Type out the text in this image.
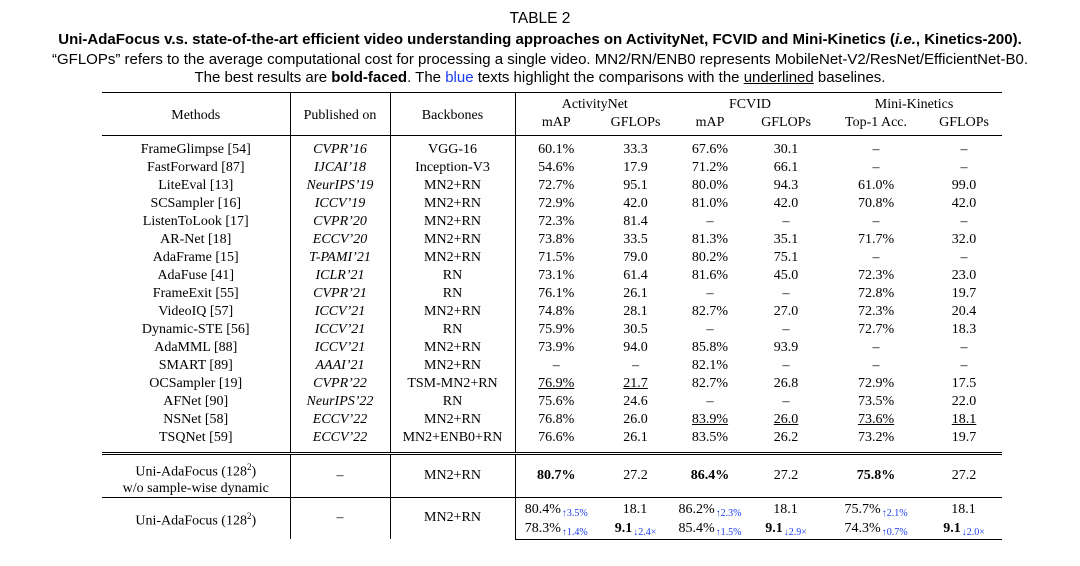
TABLE 2
Uni-AdaFocus v.s. state-of-the-art efficient video understanding approaches on ActivityNet, FCVID and Mini-Kinetics (i.e., Kinetics-200).
“GFLOPs” refers to the average computational cost for processing a single video. MN2/RN/ENB0 represents MobileNet-V2/ResNet/EfficientNet-B0.
The best results are bold-faced. The blue texts highlight the comparisons with the underlined baselines.
Methods	Published on	Backbones	ActivityNet		FCVID		Mini-Kinetics	
			mAP	GFLOPs	mAP	GFLOPs	Top-1 Acc.	GFLOPs
FrameGlimpse [54]	CVPR’16	VGG-16	60.1%	33.3	67.6%	30.1	–	–
FastForward [87]	IJCAI’18	Inception-V3	54.6%	17.9	71.2%	66.1	–	–
LiteEval [13]	NeurIPS’19	MN2+RN	72.7%	95.1	80.0%	94.3	61.0%	99.0
SCSampler [16]	ICCV’19	MN2+RN	72.9%	42.0	81.0%	42.0	70.8%	42.0
ListenToLook [17]	CVPR’20	MN2+RN	72.3%	81.4	–	–	–	–
AR-Net [18]	ECCV’20	MN2+RN	73.8%	33.5	81.3%	35.1	71.7%	32.0
AdaFrame [15]	T-PAMI’21	MN2+RN	71.5%	79.0	80.2%	75.1	–	–
AdaFuse [41]	ICLR’21	RN	73.1%	61.4	81.6%	45.0	72.3%	23.0
FrameExit [55]	CVPR’21	RN	76.1%	26.1	–	–	72.8%	19.7
VideoIQ [57]	ICCV’21	MN2+RN	74.8%	28.1	82.7%	27.0	72.3%	20.4
Dynamic-STE [56]	ICCV’21	RN	75.9%	30.5	–	–	72.7%	18.3
AdaMML [88]	ICCV’21	MN2+RN	73.9%	94.0	85.8%	93.9	–	–
SMART [89]	AAAI’21	MN2+RN	–	–	82.1%	–	–	–
OCSampler [19]	CVPR’22	TSM-MN2+RN	76.9%	21.7	82.7%	26.8	72.9%	17.5
AFNet [90]	NeurIPS’22	RN	75.6%	24.6	–	–	73.5%	22.0
NSNet [58]	ECCV’22	MN2+RN	76.8%	26.0	83.9%	26.0	73.6%	18.1
TSQNet [59]	ECCV’22	MN2+ENB0+RN	76.6%	26.1	83.5%	26.2	73.2%	19.7
Uni-AdaFocus $(128^2)$
w/o sample-wise dynamic	–	MN2+RN	80.7%	27.2	86.4%	27.2	75.8%	27.2
Uni-AdaFocus $(128^2)$	–	MN2+RN	$80.4\%_{↑3.5\%}$	18.1	$86.2\%_{↑2.3\%}$	18.1	$75.7\%_{↑2.1\%}$	18.1
			$78.3\%_{↑1.4\%}$	$9.1_{↓2.4\times}$	$85.4\%_{↑1.5\%}$	$9.1_{↓2.9\times}$	$74.3\%_{↑0.7\%}$	$9.1_{↓2.0\times}$
